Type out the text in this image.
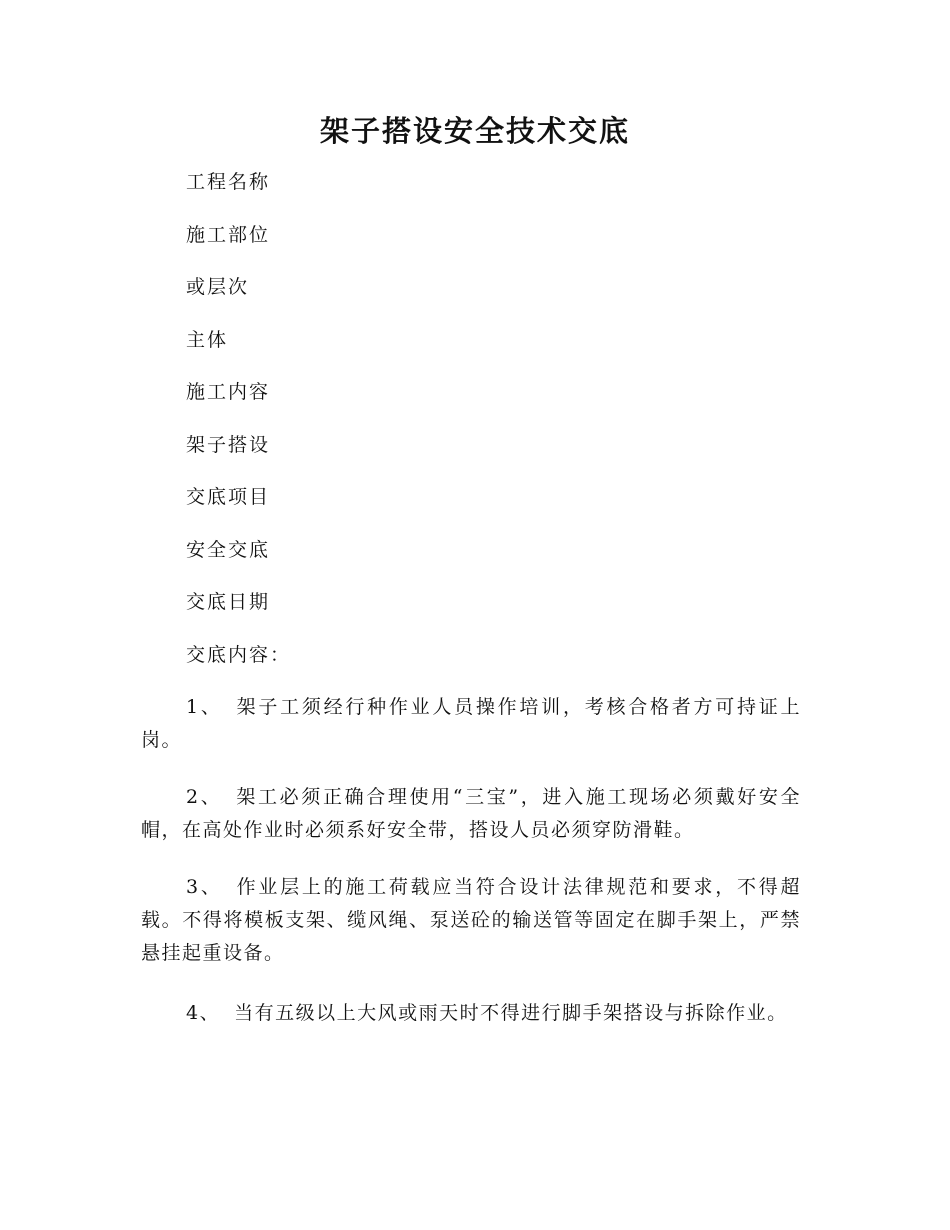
架子搭设安全技术交底
工程名称
施工部位
或层次
主体
施工内容
架子搭设
交底项目
安全交底
交底日期
交底内容：

1、 架子工须经行种作业人员操作培训，考核合格者方可持证上岗。

2、 架工必须正确合理使用“三宝”，进入施工现场必须戴好安全帽，在高处作业时必须系好安全带，搭设人员必须穿防滑鞋。

3、 作业层上的施工荷载应当符合设计法律规范和要求，不得超载。不得将模板支架、缆风绳、泵送砼的输送管等固定在脚手架上，严禁悬挂起重设备。

4、 当有五级以上大风或雨天时不得进行脚手架搭设与拆除作业。
